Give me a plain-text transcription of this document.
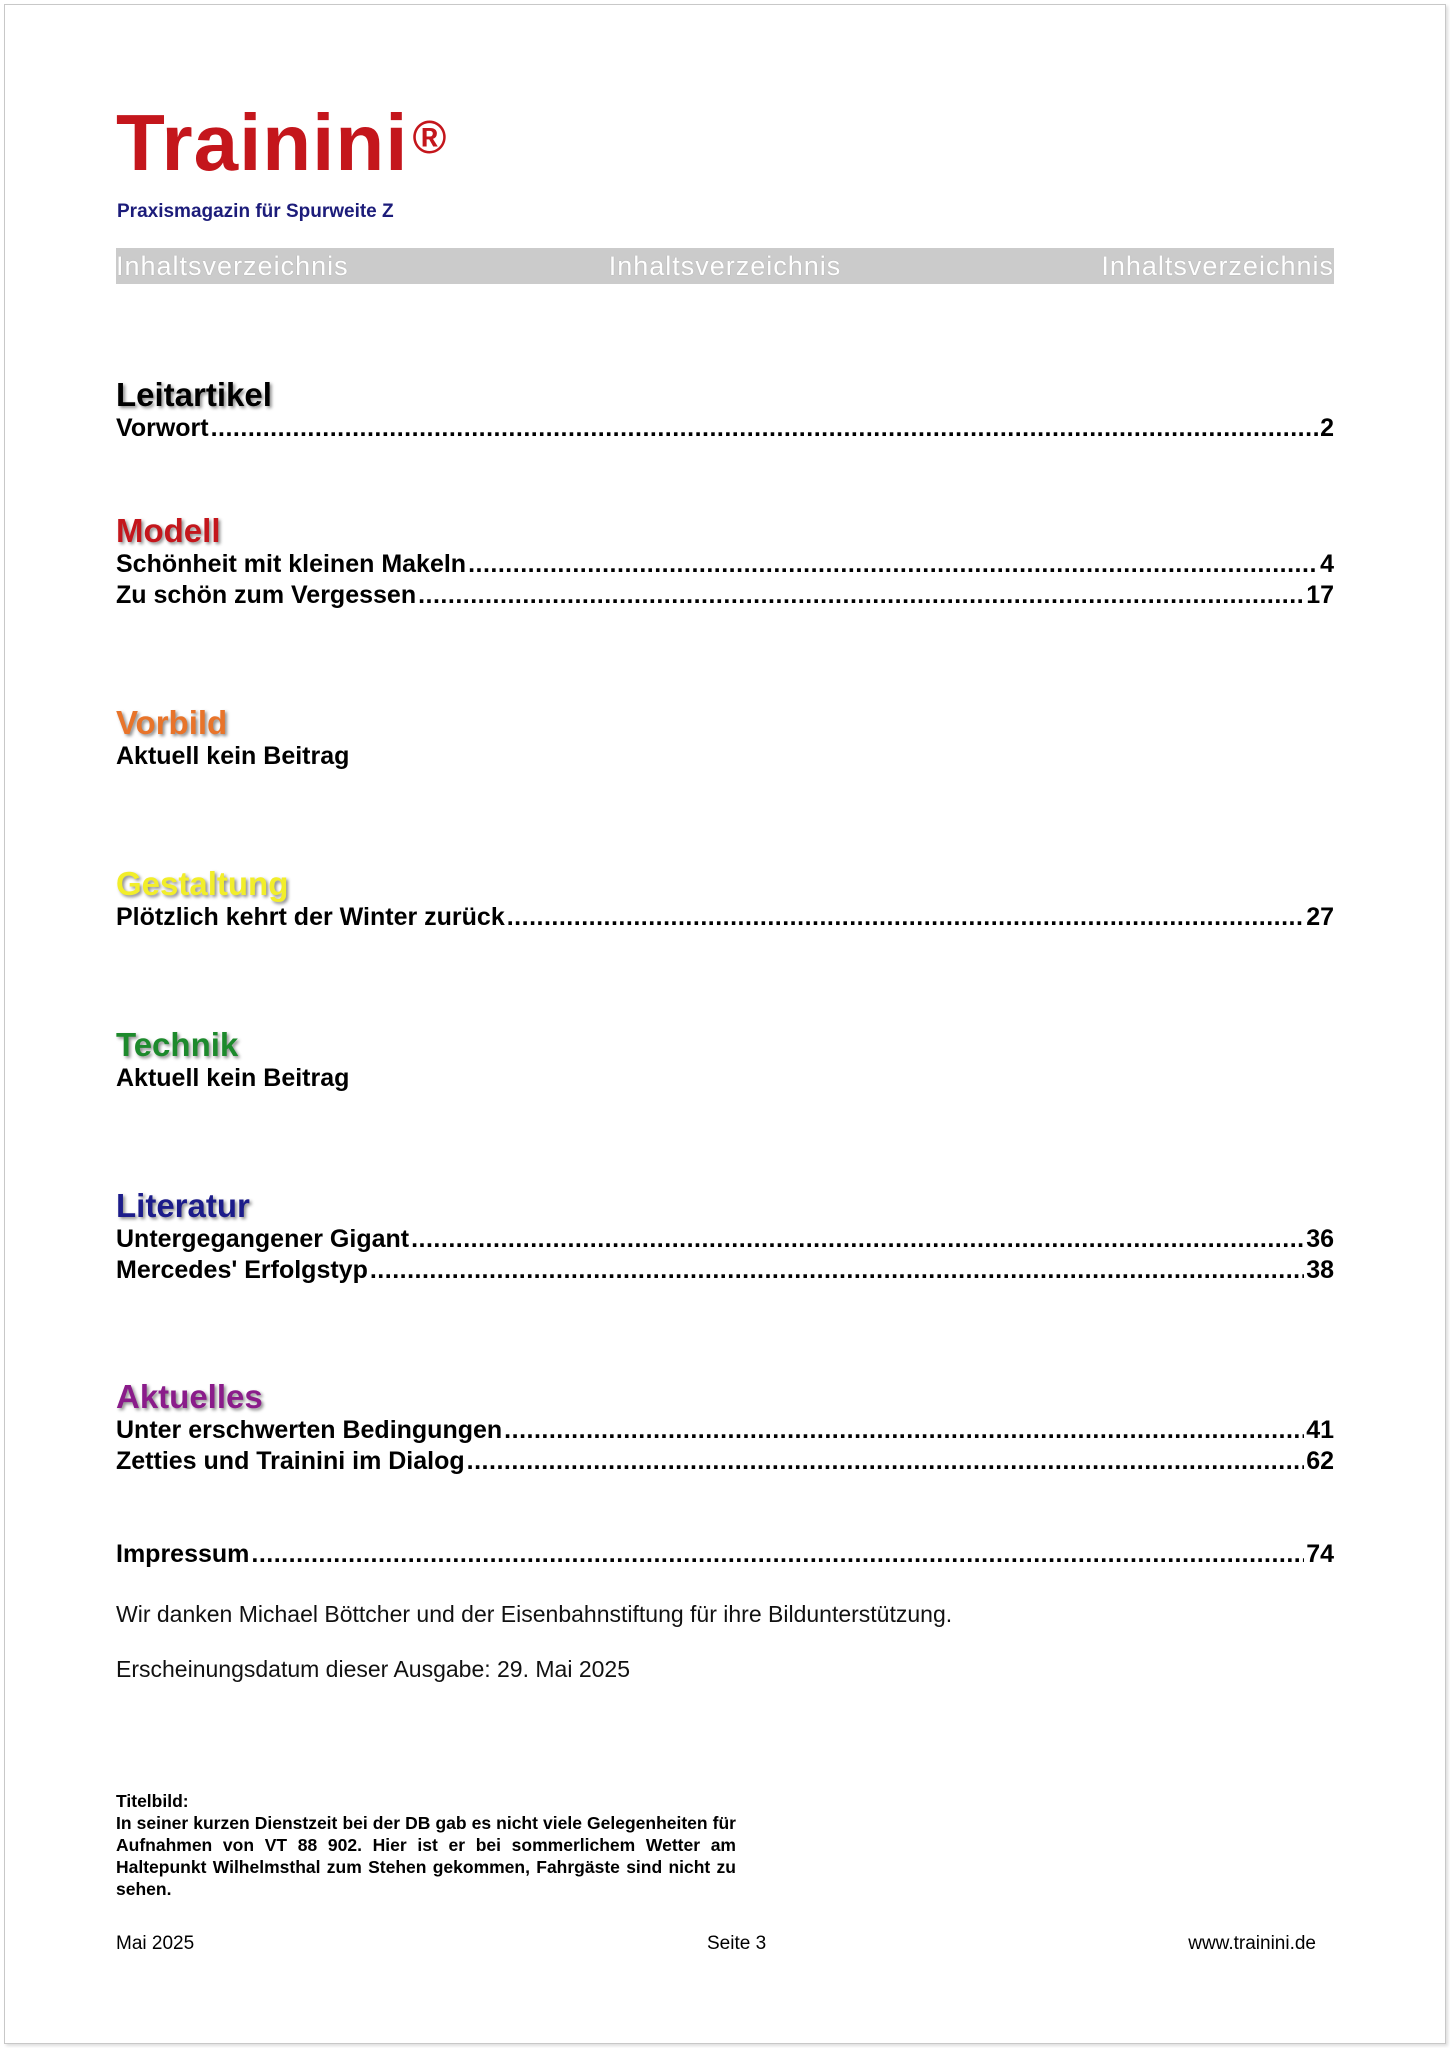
Trainini®
Praxismagazin für Spurweite Z
Inhaltsverzeichnis	Inhaltsverzeichnis	Inhaltsverzeichnis
Leitartikel
Vorwort .....	2
Modell
Schönheit mit kleinen Makeln .....	4
Zu schön zum Vergessen .....	17
Vorbild
Aktuell kein Beitrag
Gestaltung
Plötzlich kehrt der Winter zurück .....	27
Technik
Aktuell kein Beitrag
Literatur
Untergegangener Gigant .....	36
Mercedes' Erfolgstyp .....	38
Aktuelles
Unter erschwerten Bedingungen .....	41
Zetties und Trainini im Dialog .....	62
Impressum .....	74
Wir danken Michael Böttcher und der Eisenbahnstiftung für ihre Bildunterstützung.
Erscheinungsdatum dieser Ausgabe: 29. Mai 2025
Titelbild:
In seiner kurzen Dienstzeit bei der DB gab es nicht viele Gelegenheiten für Aufnahmen von VT 88 902. Hier ist er bei sommerlichem Wetter am Haltepunkt Wilhelmsthal zum Stehen gekommen, Fahrgäste sind nicht zu sehen.
Mai 2025	Seite 3	www.trainini.de
